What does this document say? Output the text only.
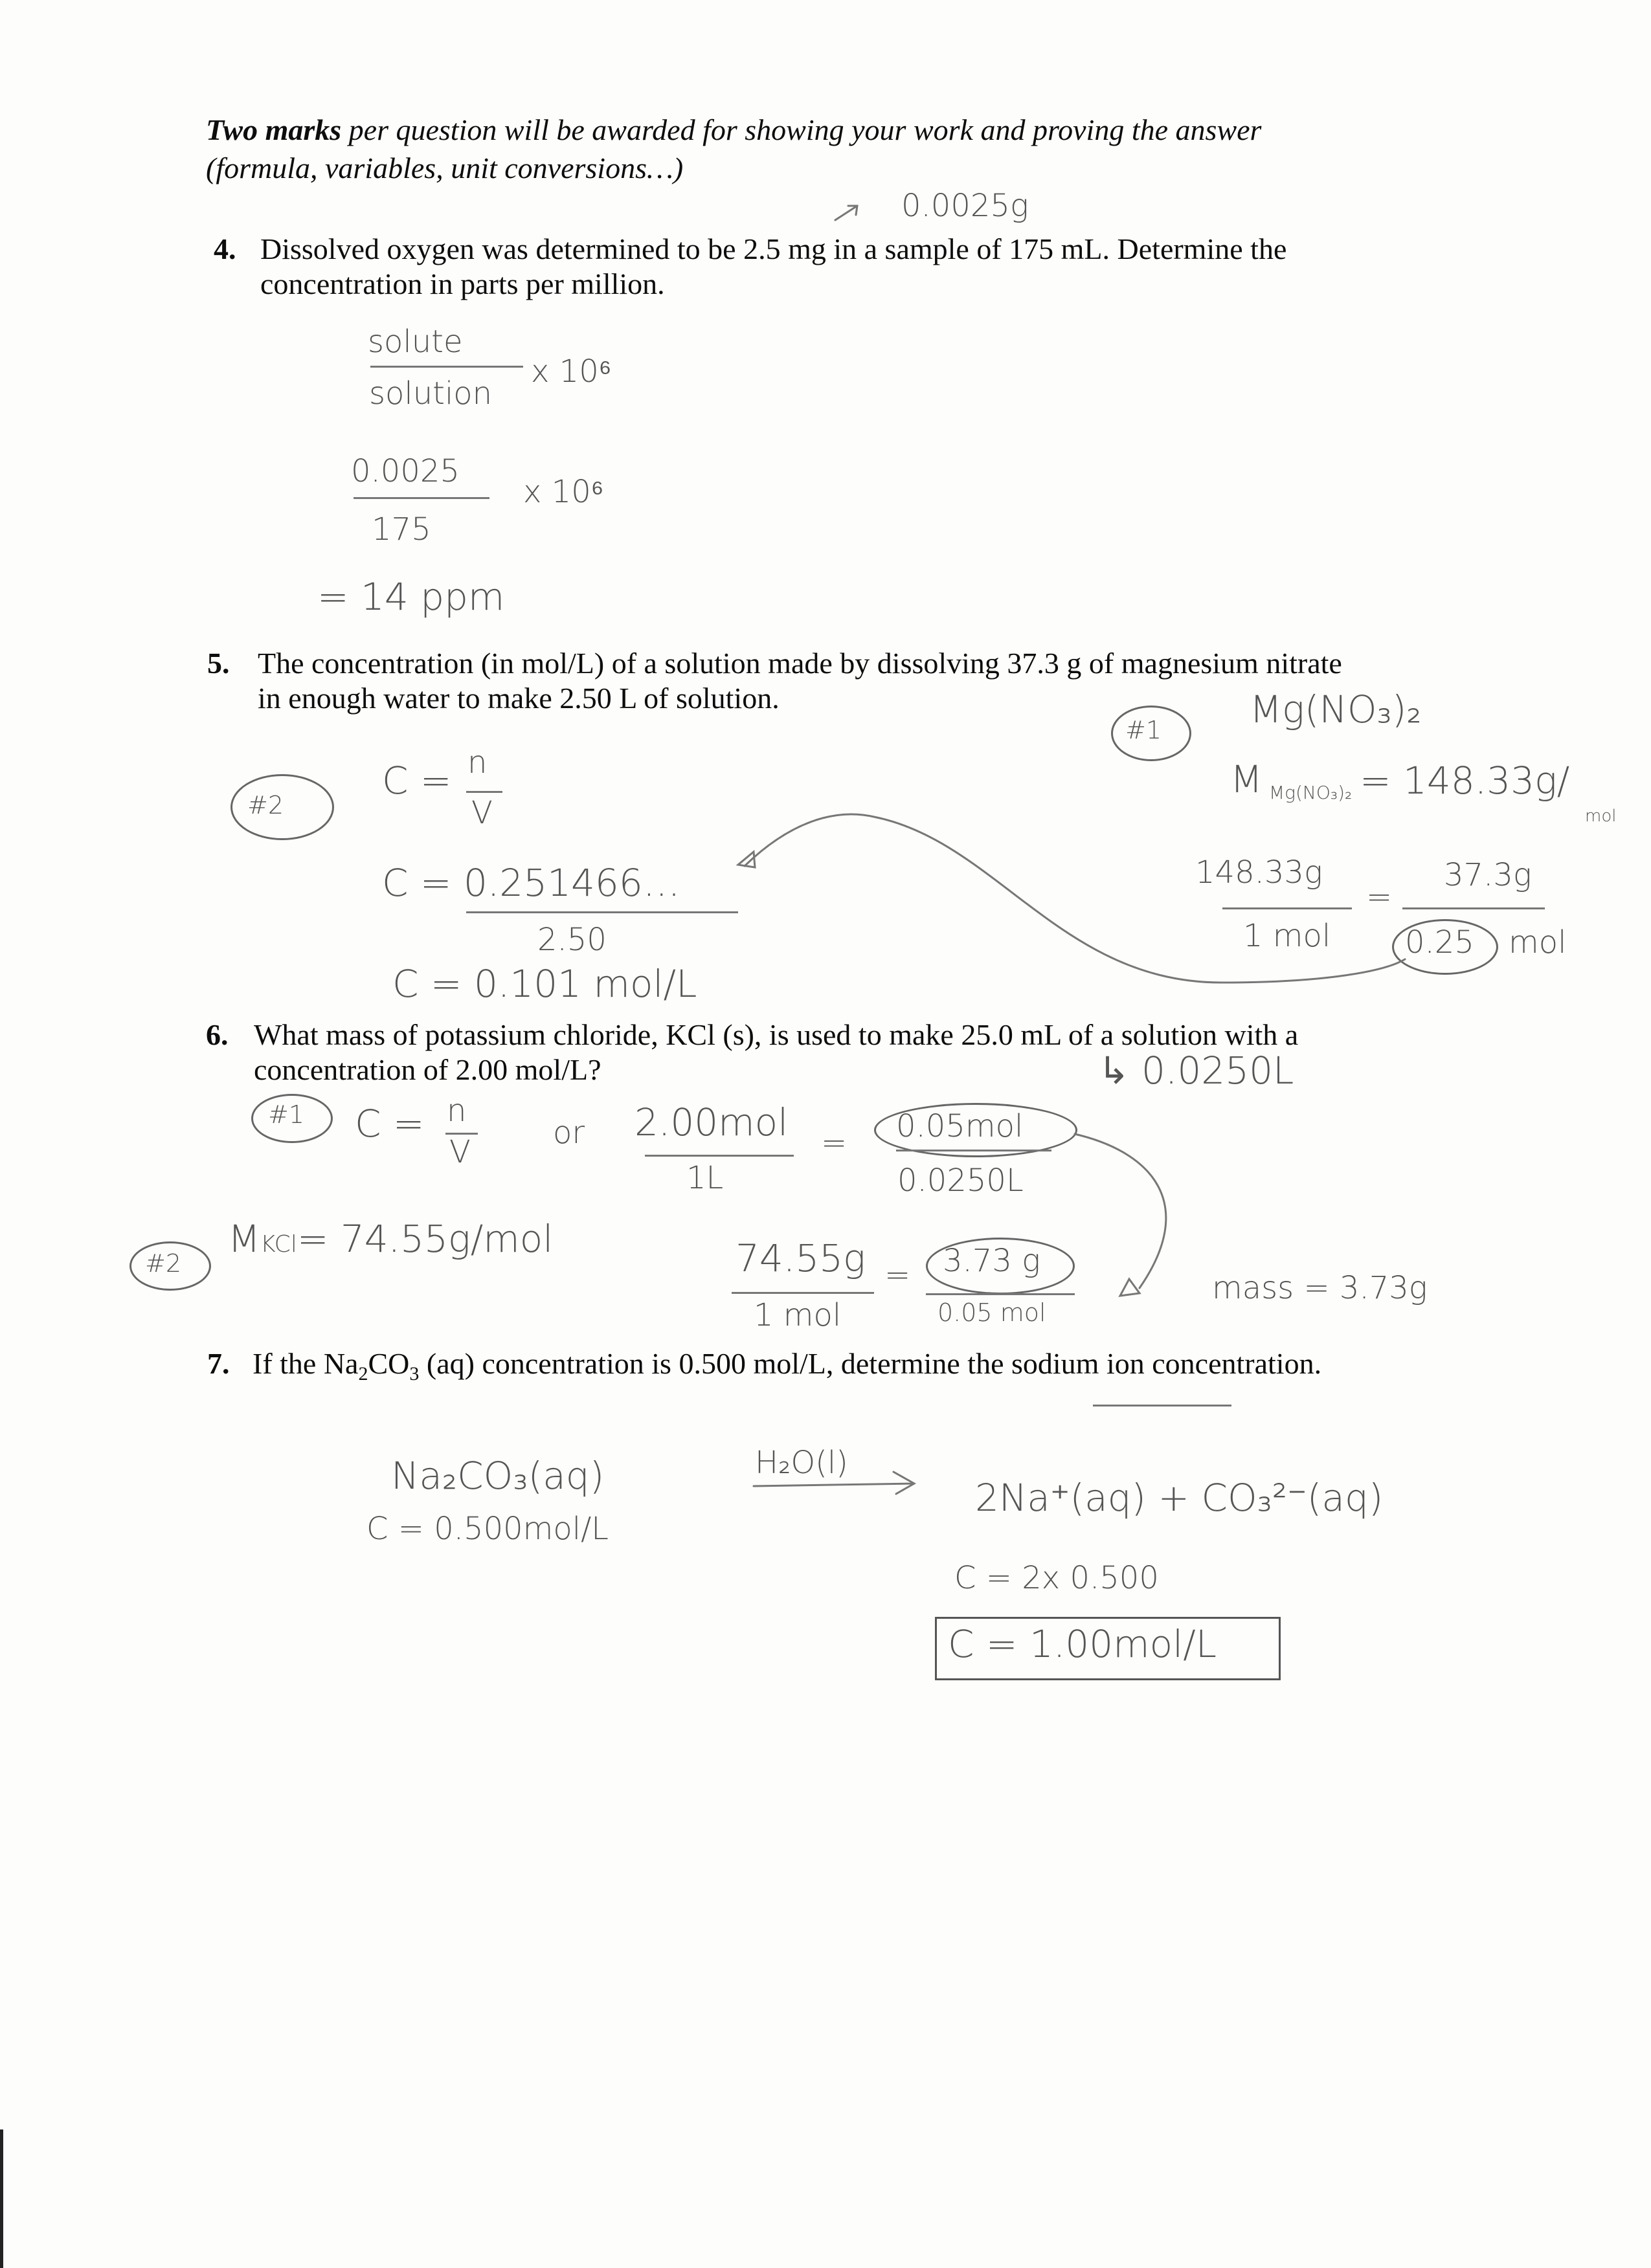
Two marks per question will be awarded for showing your work and proving the answer
(formula, variables, unit conversions…)
4. Dissolved oxygen was determined to be 2.5 mg in a sample of 175 mL. Determine the
concentration in parts per million.
0.0025g
solute
solution
x 10⁶
0.0025
175
x 10⁶
= 14 ppm
5. The concentration (in mol/L) of a solution made by dissolving 37.3 g of magnesium nitrate
in enough water to make 2.50 L of solution.
#1 Mg(NO₃)₂
M Mg(NO₃)₂ = 148.33g/
mol
148.33g
1 mol
=
37.3g
0.25 mol
#2
C = n
V
C = 0.251466…
2.50
C = 0.101 mol/L
6. What mass of potassium chloride, KCl (s), is used to make 25.0 mL of a solution with a
concentration of 2.00 mol/L?	↳ 0.0250L
#1 C = n
V
or 2.00mol
1L
= 0.05mol
0.0250L
#2
MKCl= 74.55g/mol	74.55g
1 mol
= 3.73 g
0.05 mol
mass = 3.73g
7. If the $Na_2CO_3$ (aq) concentration is 0.500 mol/L, determine the sodium ion concentration.
Na₂CO₃(aq)
C = 0.500mol/L
H₂O(l)
2Na⁺(aq) + CO₃²⁻(aq)
C = 2x 0.500
C = 1.00mol/L
